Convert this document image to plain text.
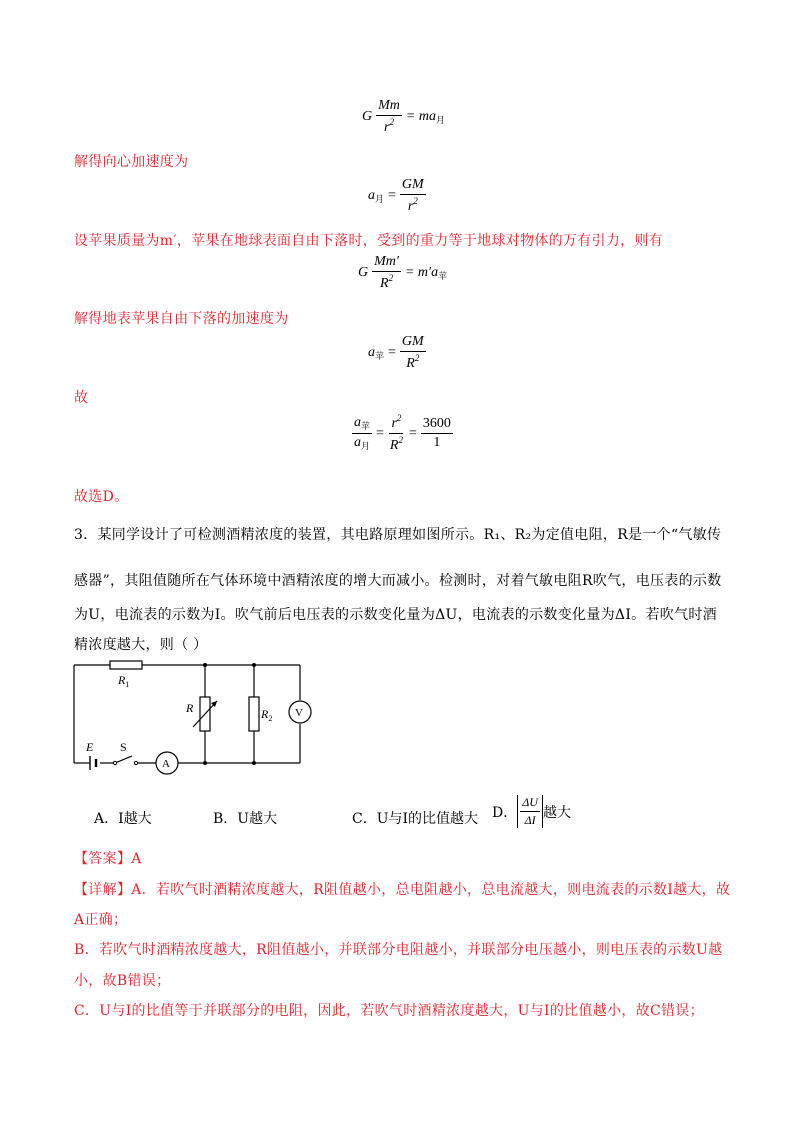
G $\frac{Mm}{r^2} = ma_月$
解得向心加速度为
$a_月 = \frac{GM}{r^2}$
设苹果质量为m′，苹果在地球表面自由下落时，受到的重力等于地球对物体的万有引力，则有
G $\frac{Mm'}{R^2} = m'a_苹$
解得地表苹果自由下落的加速度为
$a_苹 = \frac{GM}{R^2}$
故
$\frac{a_苹}{a_月} = \frac{r^2}{R^2} = \frac{3600}{1}$
故选D。
3．某同学设计了可检测酒精浓度的装置，其电路原理如图所示。R₁、R₂为定值电阻，R是一个“气敏传
感器”，其阻值随所在气体环境中酒精浓度的增大而减小。检测时，对着气敏电阻R吹气，电压表的示数
为U，电流表的示数为I。吹气前后电压表的示数变化量为ΔU，电流表的示数变化量为ΔI。若吹气时酒
精浓度越大，则（ ）
$R_1$
R	$R_2$ V
A
E S
A．I越大	B．U越大	C．U与I的比值越大 D． $\frac{\Delta U}{\Delta I}$ 越大
【答案】A
【详解】A．若吹气时酒精浓度越大，R阻值越小，总电阻越小，总电流越大，则电流表的示数I越大，故
A正确；
B．若吹气时酒精浓度越大，R阻值越小，并联部分电阻越小，并联部分电压越小，则电压表的示数U越
小，故B错误；
C．U与I的比值等于并联部分的电阻，因此，若吹气时酒精浓度越大，U与I的比值越小，故C错误；
